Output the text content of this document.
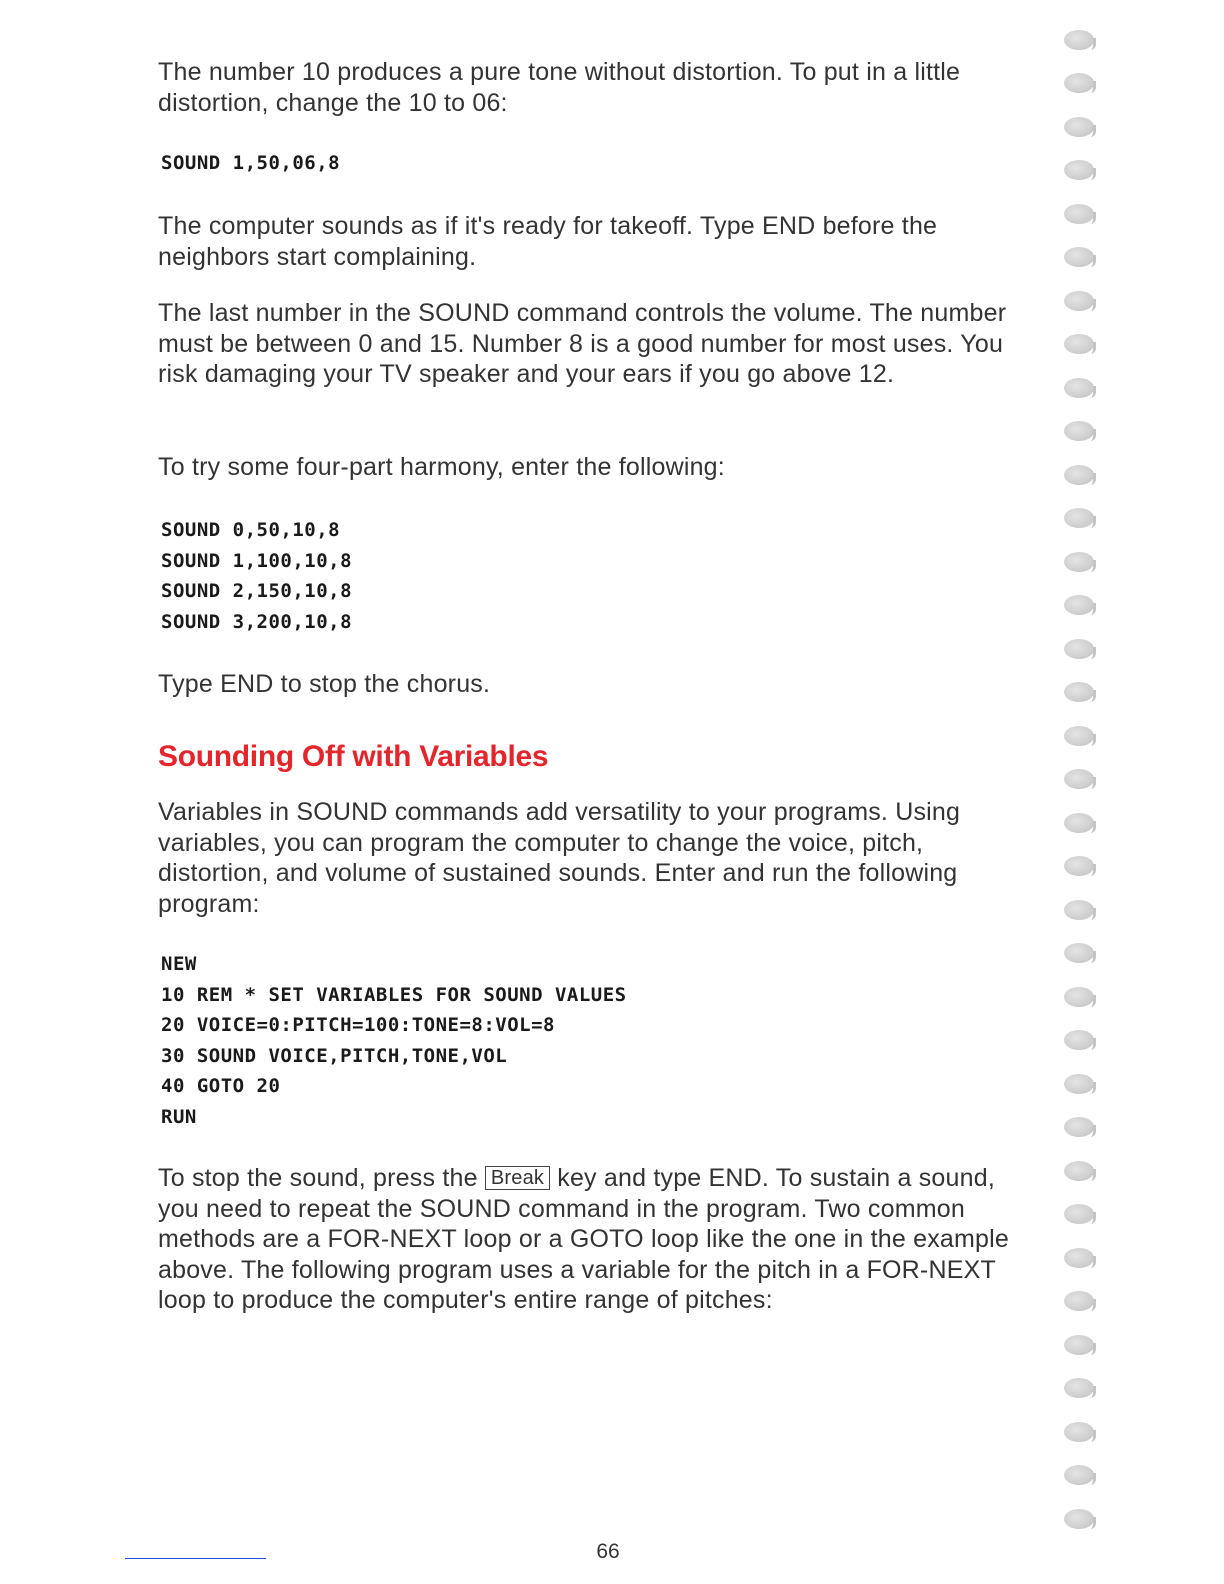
The number 10 produces a pure tone without distortion. To put in a little distortion, change the 10 to 06:

SOUND 1,50,06,8

The computer sounds as if it's ready for takeoff. Type END before the neighbors start complaining.

The last number in the SOUND command controls the volume. The number must be between 0 and 15. Number 8 is a good number for most uses. You risk damaging your TV speaker and your ears if you go above 12.

To try some four-part harmony, enter the following:

SOUND 0,50,10,8
SOUND 1,100,10,8
SOUND 2,150,10,8
SOUND 3,200,10,8

Type END to stop the chorus.

Sounding Off with Variables

Variables in SOUND commands add versatility to your programs. Using variables, you can program the computer to change the voice, pitch, distortion, and volume of sustained sounds. Enter and run the following program:

NEW
10 REM * SET VARIABLES FOR SOUND VALUES
20 VOICE=0:PITCH=100:TONE=8:VOL=8
30 SOUND VOICE,PITCH,TONE,VOL
40 GOTO 20
RUN

To stop the sound, press the Break key and type END. To sustain a sound, you need to repeat the SOUND command in the program. Two common methods are a FOR-NEXT loop or a GOTO loop like the one in the example above. The following program uses a variable for the pitch in a FOR-NEXT loop to produce the computer's entire range of pitches:

66
